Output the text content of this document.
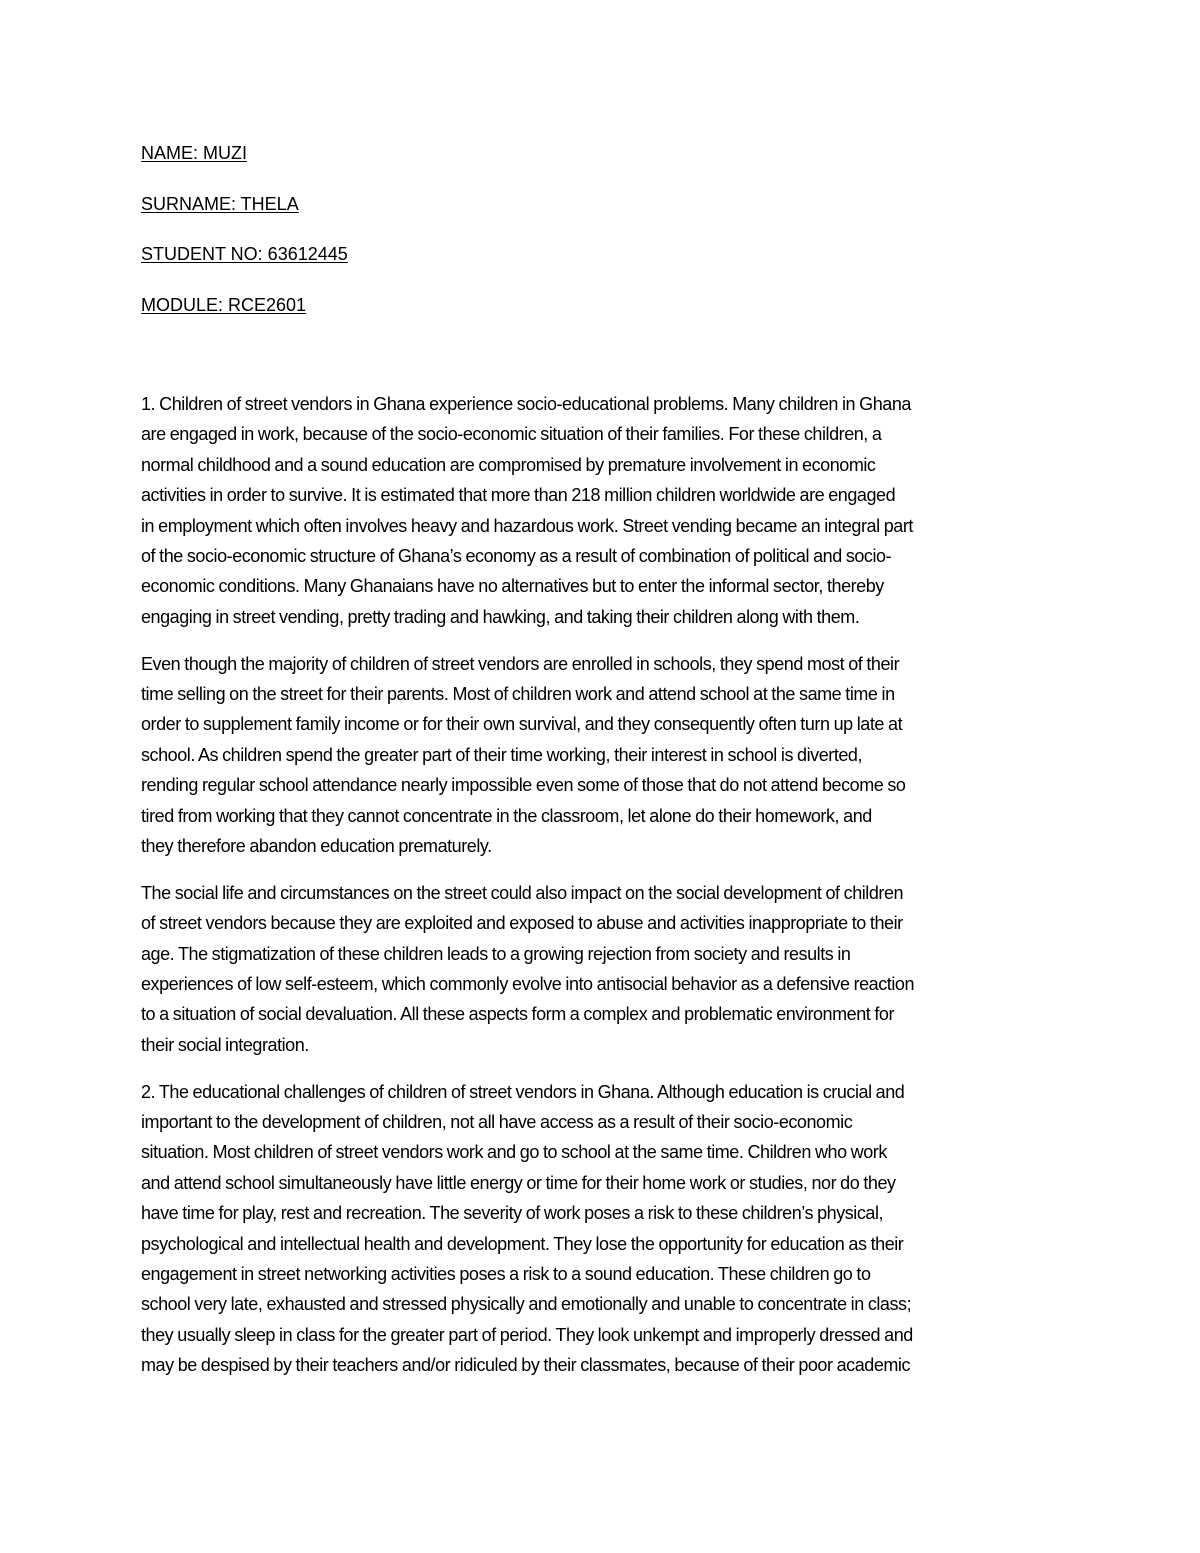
NAME: MUZI
SURNAME: THELA
STUDENT NO: 63612445
MODULE: RCE2601
1. Children of street vendors in Ghana experience socio-educational problems. Many children in Ghana
are engaged in work, because of the socio-economic situation of their families. For these children, a
normal childhood and a sound education are compromised by premature involvement in economic
activities in order to survive. It is estimated that more than 218 million children worldwide are engaged
in employment which often involves heavy and hazardous work. Street vending became an integral part
of the socio-economic structure of Ghana’s economy as a result of combination of political and socio-
economic conditions. Many Ghanaians have no alternatives but to enter the informal sector, thereby
engaging in street vending, pretty trading and hawking, and taking their children along with them.
Even though the majority of children of street vendors are enrolled in schools, they spend most of their
time selling on the street for their parents. Most of children work and attend school at the same time in
order to supplement family income or for their own survival, and they consequently often turn up late at
school. As children spend the greater part of their time working, their interest in school is diverted,
rending regular school attendance nearly impossible even some of those that do not attend become so
tired from working that they cannot concentrate in the classroom, let alone do their homework, and
they therefore abandon education prematurely.
The social life and circumstances on the street could also impact on the social development of children
of street vendors because they are exploited and exposed to abuse and activities inappropriate to their
age. The stigmatization of these children leads to a growing rejection from society and results in
experiences of low self-esteem, which commonly evolve into antisocial behavior as a defensive reaction
to a situation of social devaluation. All these aspects form a complex and problematic environment for
their social integration.
2. The educational challenges of children of street vendors in Ghana. Although education is crucial and
important to the development of children, not all have access as a result of their socio-economic
situation. Most children of street vendors work and go to school at the same time. Children who work
and attend school simultaneously have little energy or time for their home work or studies, nor do they
have time for play, rest and recreation. The severity of work poses a risk to these children’s physical,
psychological and intellectual health and development. They lose the opportunity for education as their
engagement in street networking activities poses a risk to a sound education. These children go to
school very late, exhausted and stressed physically and emotionally and unable to concentrate in class;
they usually sleep in class for the greater part of period. They look unkempt and improperly dressed and
may be despised by their teachers and/or ridiculed by their classmates, because of their poor academic
